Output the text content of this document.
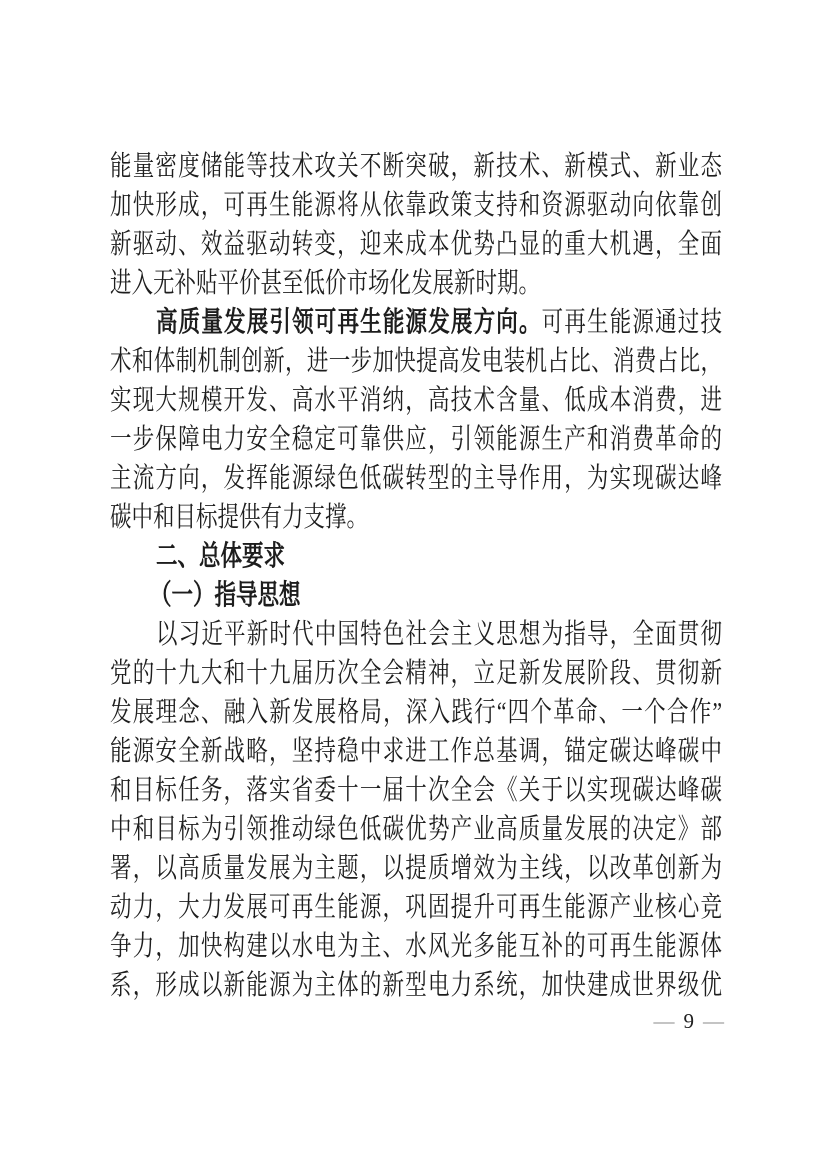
能量密度储能等技术攻关不断突破，新技术、新模式、新业态
加快形成，可再生能源将从依靠政策支持和资源驱动向依靠创
新驱动、效益驱动转变，迎来成本优势凸显的重大机遇，全面
进入无补贴平价甚至低价市场化发展新时期。
高质量发展引领可再生能源发展方向。可再生能源通过技
术和体制机制创新，进一步加快提高发电装机占比、消费占比，
实现大规模开发、高水平消纳，高技术含量、低成本消费，进
一步保障电力安全稳定可靠供应，引领能源生产和消费革命的
主流方向，发挥能源绿色低碳转型的主导作用，为实现碳达峰
碳中和目标提供有力支撑。
二、总体要求
（一）指导思想
以习近平新时代中国特色社会主义思想为指导，全面贯彻
党的十九大和十九届历次全会精神，立足新发展阶段、贯彻新
发展理念、融入新发展格局，深入践行“四个革命、一个合作”
能源安全新战略，坚持稳中求进工作总基调，锚定碳达峰碳中
和目标任务，落实省委十一届十次全会《关于以实现碳达峰碳
中和目标为引领推动绿色低碳优势产业高质量发展的决定》部
署，以高质量发展为主题，以提质增效为主线，以改革创新为
动力，大力发展可再生能源，巩固提升可再生能源产业核心竞
争力，加快构建以水电为主、水风光多能互补的可再生能源体
系，形成以新能源为主体的新型电力系统，加快建成世界级优
— 9 —
